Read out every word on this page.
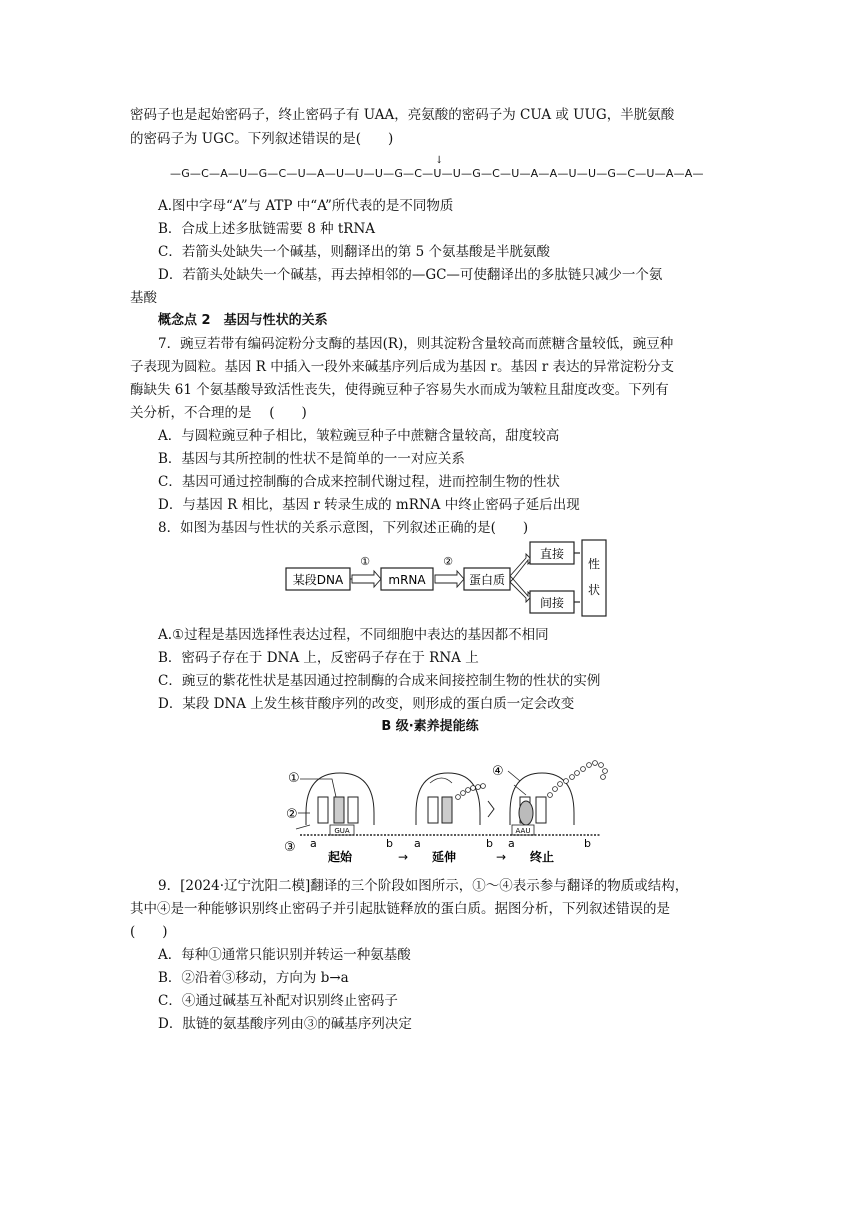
密码子也是起始密码子，终止密码子有 UAA，亮氨酸的密码子为 CUA 或 UUG，半胱氨酸
的密码子为 UGC。下列叙述错误的是(　　)
↓
—G—C—A—U—G—C—U—A—U—U—U—G—C—U—U—G—C—U—A—A—U—U—G—C—U—A—A—
A.图中字母“A”与 ATP 中“A”所代表的是不同物质
B．合成上述多肽链需要 8 种 tRNA
C．若箭头处缺失一个碱基，则翻译出的第 5 个氨基酸是半胱氨酸
D．若箭头处缺失一个碱基，再去掉相邻的—GC—可使翻译出的多肽链只减少一个氨
基酸
概念点 2　基因与性状的关系
7．豌豆若带有编码淀粉分支酶的基因(R)，则其淀粉含量较高而蔗糖含量较低，豌豆种
子表现为圆粒。基因 R 中插入一段外来碱基序列后成为基因 r。基因 r 表达的异常淀粉分支
酶缺失 61 个氨基酸导致活性丧失，使得豌豆种子容易失水而成为皱粒且甜度改变。下列有
关分析，不合理的是　 (　　)
A．与圆粒豌豆种子相比，皱粒豌豆种子中蔗糖含量较高，甜度较高
B．基因与其所控制的性状不是简单的一一对应关系
C．基因可通过控制酶的合成来控制代谢过程，进而控制生物的性状
D．与基因 R 相比，基因 r 转录生成的 mRNA 中终止密码子延后出现
8．如图为基因与性状的关系示意图，下列叙述正确的是(　　)
某段DNA
①
mRNA
②
蛋白质
直接
间接
性
状
A.①过程是基因选择性表达过程，不同细胞中表达的基因都不相同
B．密码子存在于 DNA 上，反密码子存在于 RNA 上
C．豌豆的紫花性状是基因通过控制酶的合成来间接控制生物的性状的实例
D．某段 DNA 上发生核苷酸序列的改变，则形成的蛋白质一定会改变
B 级·素养提能练
GUA	AAU
①
②
③
④
a	b a	b a	b
起始	→ 延伸	→ 终止
9．[2024·辽宁沈阳二模]翻译的三个阶段如图所示，①～④表示参与翻译的物质或结构，
其中④是一种能够识别终止密码子并引起肽链释放的蛋白质。据图分析，下列叙述错误的是
(　　)
A．每种①通常只能识别并转运一种氨基酸
B．②沿着③移动，方向为 b→a
C．④通过碱基互补配对识别终止密码子
D．肽链的氨基酸序列由③的碱基序列决定
